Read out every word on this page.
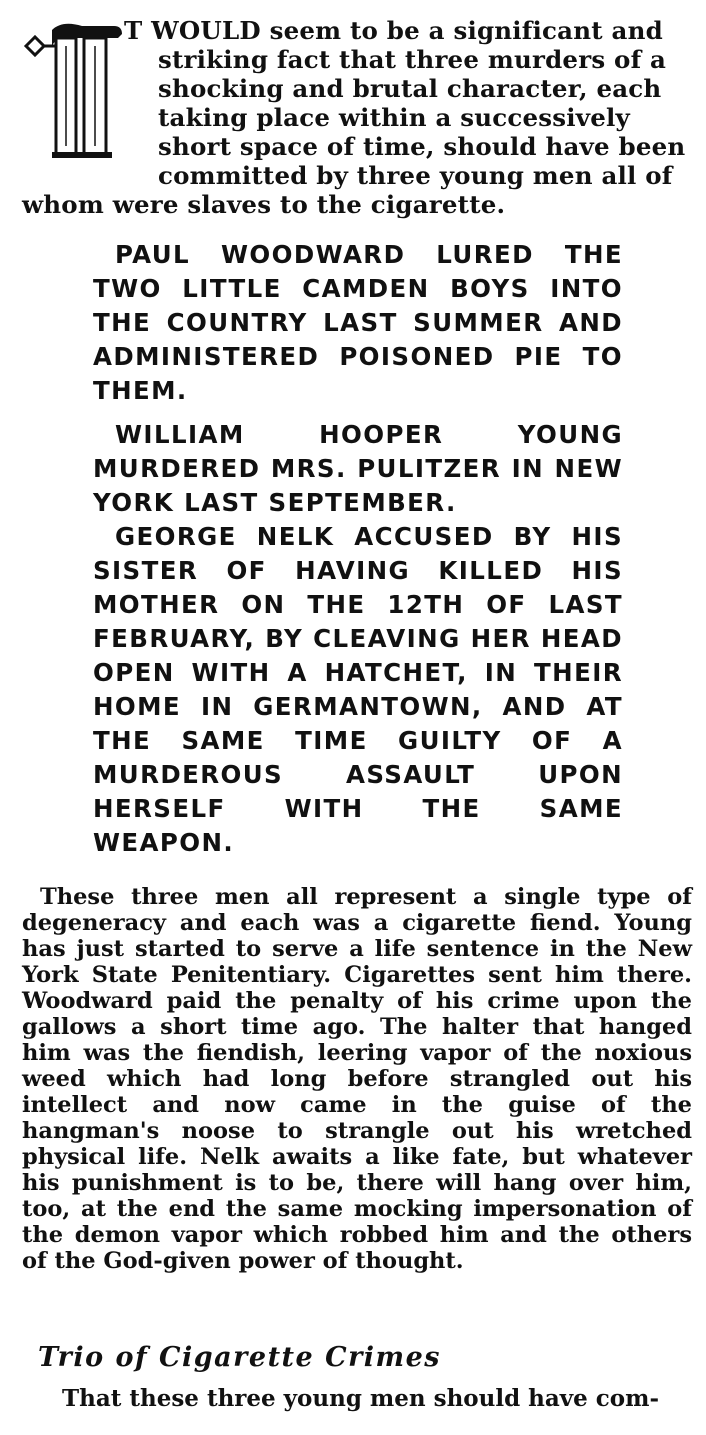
T WOULD seem to be a significant and
striking fact that three murders of a
shocking and brutal character, each
taking place within a successively
short space of time, should have been
committed by three young men all of
whom were slaves to the cigarette.

PAUL WOODWARD LURED THE TWO LITTLE CAMDEN BOYS INTO THE COUNTRY LAST SUMMER AND ADMINISTERED POISONED PIE TO THEM.

WILLIAM HOOPER YOUNG MURDERED MRS. PULITZER IN NEW YORK LAST SEPTEMBER.

GEORGE NELK ACCUSED BY HIS SISTER OF HAVING KILLED HIS MOTHER ON THE 12TH OF LAST FEBRUARY, BY CLEAVING HER HEAD OPEN WITH A HATCHET, IN THEIR HOME IN GERMANTOWN, AND AT THE SAME TIME GUILTY OF A MURDEROUS ASSAULT UPON HERSELF WITH THE SAME WEAPON.

These three men all represent a single type of degeneracy and each was a cigarette fiend. Young has just started to serve a life sentence in the New York State Penitentiary. Cigarettes sent him there. Woodward paid the penalty of his crime upon the gallows a short time ago. The halter that hanged him was the fiendish, leering vapor of the noxious weed which had long before strangled out his intellect and now came in the guise of the hangman's noose to strangle out his wretched physical life. Nelk awaits a like fate, but whatever his punishment is to be, there will hang over him, too, at the end the same mocking impersonation of the demon vapor which robbed him and the others of the God-given power of thought.

Trio of Cigarette Crimes
That these three young men should have com-
